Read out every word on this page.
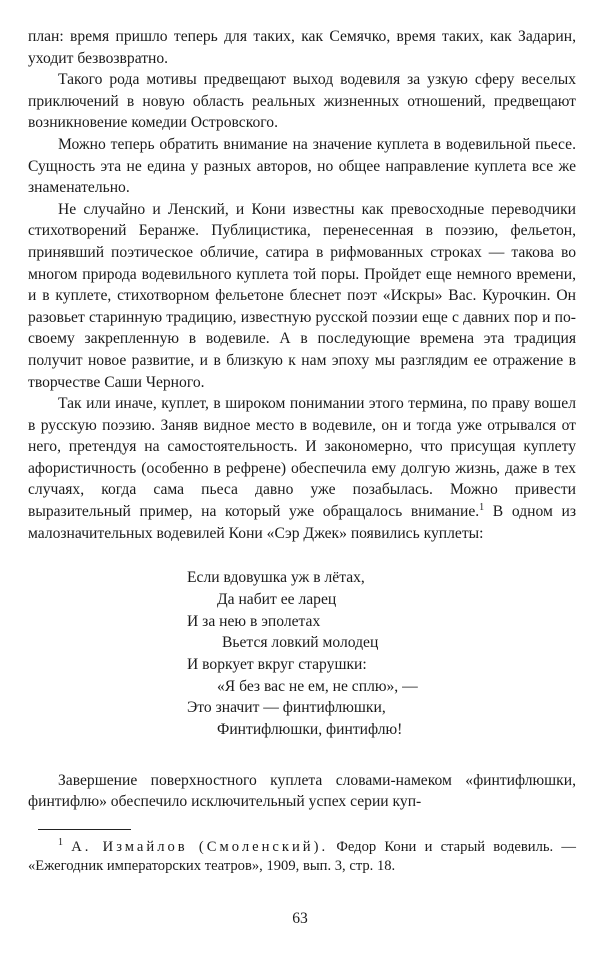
план: время пришло теперь для таких, как Семячко, время таких, как Задарин, уходит безвозвратно.

Такого рода мотивы предвещают выход водевиля за узкую сферу веселых приключений в новую область реальных жизненных отношений, предвещают возникновение комедии Островского.

Можно теперь обратить внимание на значение куплета в водевильной пьесе. Сущность эта не едина у разных авторов, но общее направление куплета все же знаменательно.

Не случайно и Ленский, и Кони известны как превосходные переводчики стихотворений Беранже. Публицистика, перенесенная в поэзию, фельетон, принявший поэтическое обличие, сатира в рифмованных строках — такова во многом природа водевильного куплета той поры. Пройдет еще немного времени, и в куплете, стихотворном фельетоне блеснет поэт «Искры» Вас. Курочкин. Он разовьет старинную традицию, известную русской поэзии еще с давних пор и по-своему закрепленную в водевиле. А в последующие времена эта традиция получит новое развитие, и в близкую к нам эпоху мы разглядим ее отражение в творчестве Саши Черного.

Так или иначе, куплет, в широком понимании этого термина, по праву вошел в русскую поэзию. Заняв видное место в водевиле, он и тогда уже отрывался от него, претендуя на самостоятельность. И закономерно, что присущая куплету афористичность (особенно в рефрене) обеспечила ему долгую жизнь, даже в тех случаях, когда сама пьеса давно уже позабылась. Можно привести выразительный пример, на который уже обращалось внимание.$^1$ В одном из малозначительных водевилей Кони «Сэр Джек» появились куплеты:

Если вдовушка уж в лётах,
Да набит ее ларец
И за нею в эполетах
Вьется ловкий молодец
И воркует вкруг старушки:
«Я без вас не ем, не сплю», —
Это значит — финтифлюшки,
Финтифлюшки, финтифлю!

Завершение поверхностного куплета словами-намеком «финтифлюшки, финтифлю» обеспечило исключительный успех серии куп-

$^1$ А. Измайлов (Смоленский). Федор Кони и старый водевиль. — «Ежегодник императорских театров», 1909, вып. 3, стр. 18.

63
